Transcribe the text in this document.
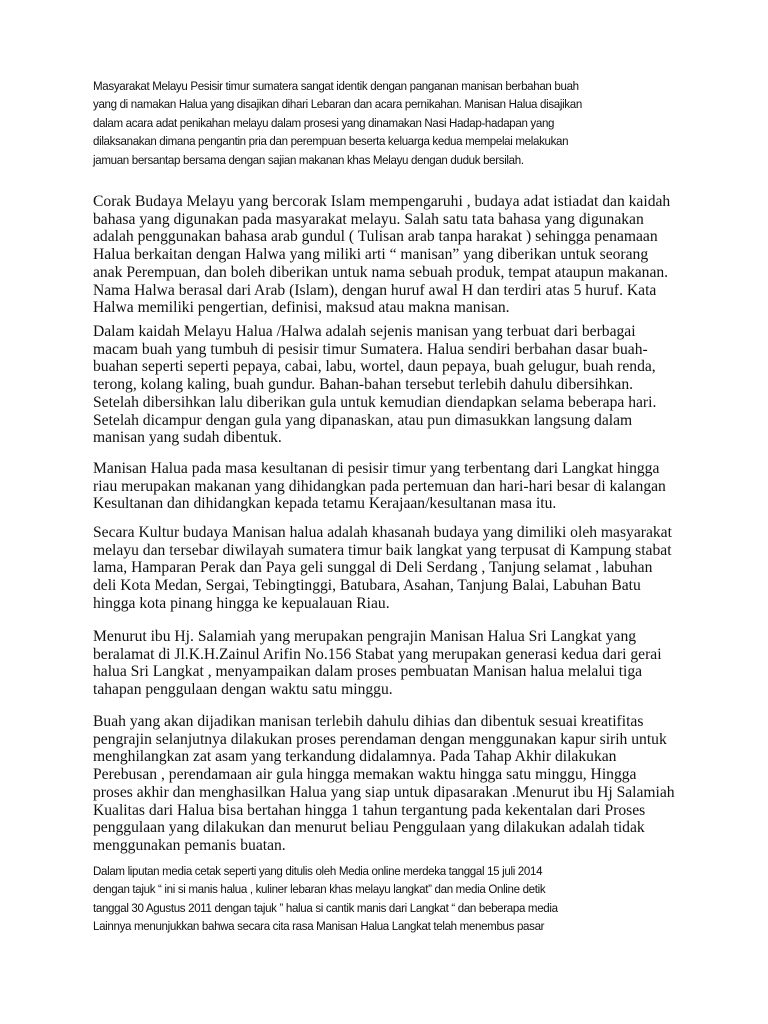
Masyarakat Melayu Pesisir timur sumatera sangat identik dengan panganan manisan berbahan buah
yang di namakan Halua yang disajikan dihari Lebaran dan acara pernikahan. Manisan Halua disajikan
dalam acara adat penikahan melayu dalam prosesi yang dinamakan Nasi Hadap-hadapan yang
dilaksanakan dimana pengantin pria dan perempuan beserta keluarga kedua mempelai melakukan
jamuan bersantap bersama dengan sajian makanan khas Melayu dengan duduk bersilah.

Corak Budaya Melayu yang bercorak Islam mempengaruhi , budaya adat istiadat dan kaidah
bahasa yang digunakan pada masyarakat melayu. Salah satu tata bahasa yang digunakan
adalah penggunakan bahasa arab gundul ( Tulisan arab tanpa harakat ) sehingga penamaan
Halua berkaitan dengan Halwa yang miliki arti “ manisan” yang diberikan untuk seorang
anak Perempuan, dan boleh diberikan untuk nama sebuah produk, tempat ataupun makanan.
Nama Halwa berasal dari Arab (Islam), dengan huruf awal H dan terdiri atas 5 huruf. Kata
Halwa memiliki pengertian, definisi, maksud atau makna manisan.

Dalam kaidah Melayu Halua /Halwa adalah sejenis manisan yang terbuat dari berbagai
macam buah yang tumbuh di pesisir timur Sumatera. Halua sendiri berbahan dasar buah-
buahan seperti seperti pepaya, cabai, labu, wortel, daun pepaya, buah gelugur, buah renda,
terong, kolang kaling, buah gundur. Bahan-bahan tersebut terlebih dahulu dibersihkan.
Setelah dibersihkan lalu diberikan gula untuk kemudian diendapkan selama beberapa hari.
Setelah dicampur dengan gula yang dipanaskan, atau pun dimasukkan langsung dalam
manisan yang sudah dibentuk.

Manisan Halua pada masa kesultanan di pesisir timur yang terbentang dari Langkat hingga
riau merupakan makanan yang dihidangkan pada pertemuan dan hari-hari besar di kalangan
Kesultanan dan dihidangkan kepada tetamu Kerajaan/kesultanan masa itu.

Secara Kultur budaya Manisan halua adalah khasanah budaya yang dimiliki oleh masyarakat
melayu dan tersebar diwilayah sumatera timur baik langkat yang terpusat di Kampung stabat
lama, Hamparan Perak dan Paya geli sunggal di Deli Serdang , Tanjung selamat , labuhan
deli Kota Medan, Sergai, Tebingtinggi, Batubara, Asahan, Tanjung Balai, Labuhan Batu
hingga kota pinang hingga ke kepualauan Riau.

Menurut ibu Hj. Salamiah yang merupakan pengrajin Manisan Halua Sri Langkat yang
beralamat di Jl.K.H.Zainul Arifin No.156 Stabat yang merupakan generasi kedua dari gerai
halua Sri Langkat , menyampaikan dalam proses pembuatan Manisan halua melalui tiga
tahapan penggulaan dengan waktu satu minggu.

Buah yang akan dijadikan manisan terlebih dahulu dihias dan dibentuk sesuai kreatifitas
pengrajin selanjutnya dilakukan proses perendaman dengan menggunakan kapur sirih untuk
menghilangkan zat asam yang terkandung didalamnya. Pada Tahap Akhir dilakukan
Perebusan , perendamaan air gula hingga memakan waktu hingga satu minggu, Hingga
proses akhir dan menghasilkan Halua yang siap untuk dipasarakan .Menurut ibu Hj Salamiah
Kualitas dari Halua bisa bertahan hingga 1 tahun tergantung pada kekentalan dari Proses
penggulaan yang dilakukan dan menurut beliau Penggulaan yang dilakukan adalah tidak
menggunakan pemanis buatan.

Dalam liputan media cetak seperti yang ditulis oleh Media online merdeka tanggal 15 juli 2014
dengan tajuk “ ini si manis halua , kuliner lebaran khas melayu langkat” dan media Online detik
tanggal 30 Agustus 2011 dengan tajuk ” halua si cantik manis dari Langkat “ dan beberapa media
Lainnya menunjukkan bahwa secara cita rasa Manisan Halua Langkat telah menembus pasar
